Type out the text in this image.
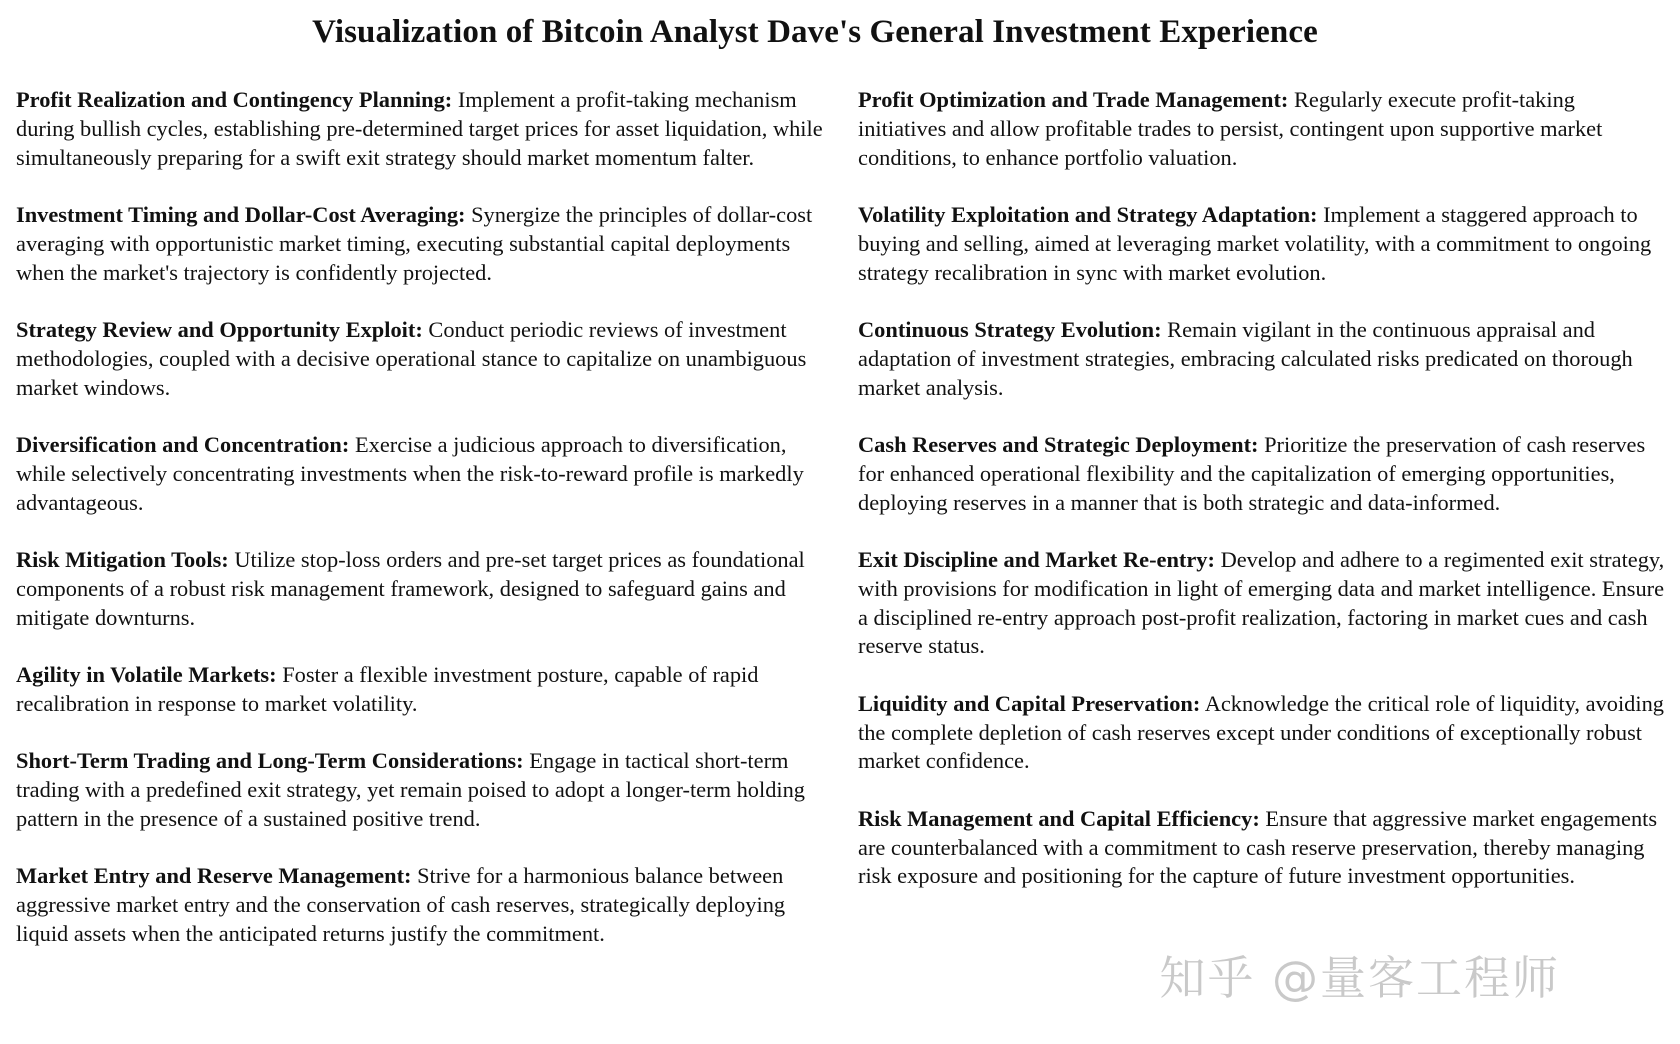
Visualization of Bitcoin Analyst Dave's General Investment Experience

Profit Realization and Contingency Planning: Implement a profit-taking mechanism during bullish cycles, establishing pre-determined target prices for asset liquidation, while simultaneously preparing for a swift exit strategy should market momentum falter.

Investment Timing and Dollar-Cost Averaging: Synergize the principles of dollar-cost averaging with opportunistic market timing, executing substantial capital deployments when the market's trajectory is confidently projected.

Strategy Review and Opportunity Exploit: Conduct periodic reviews of investment methodologies, coupled with a decisive operational stance to capitalize on unambiguous market windows.

Diversification and Concentration: Exercise a judicious approach to diversification, while selectively concentrating investments when the risk-to-reward profile is markedly advantageous.

Risk Mitigation Tools: Utilize stop-loss orders and pre-set target prices as foundational components of a robust risk management framework, designed to safeguard gains and mitigate downturns.

Agility in Volatile Markets: Foster a flexible investment posture, capable of rapid recalibration in response to market volatility.

Short-Term Trading and Long-Term Considerations: Engage in tactical short-term trading with a predefined exit strategy, yet remain poised to adopt a longer-term holding pattern in the presence of a sustained positive trend.

Market Entry and Reserve Management: Strive for a harmonious balance between aggressive market entry and the conservation of cash reserves, strategically deploying liquid assets when the anticipated returns justify the commitment.

Profit Optimization and Trade Management: Regularly execute profit-taking initiatives and allow profitable trades to persist, contingent upon supportive market conditions, to enhance portfolio valuation.

Volatility Exploitation and Strategy Adaptation: Implement a staggered approach to buying and selling, aimed at leveraging market volatility, with a commitment to ongoing strategy recalibration in sync with market evolution.

Continuous Strategy Evolution: Remain vigilant in the continuous appraisal and adaptation of investment strategies, embracing calculated risks predicated on thorough market analysis.

Cash Reserves and Strategic Deployment: Prioritize the preservation of cash reserves for enhanced operational flexibility and the capitalization of emerging opportunities, deploying reserves in a manner that is both strategic and data-informed.

Exit Discipline and Market Re-entry: Develop and adhere to a regimented exit strategy, with provisions for modification in light of emerging data and market intelligence. Ensure a disciplined re-entry approach post-profit realization, factoring in market cues and cash reserve status.

Liquidity and Capital Preservation: Acknowledge the critical role of liquidity, avoiding the complete depletion of cash reserves except under conditions of exceptionally robust market confidence.

Risk Management and Capital Efficiency: Ensure that aggressive market engagements are counterbalanced with a commitment to cash reserve preservation, thereby managing risk exposure and positioning for the capture of future investment opportunities.

知乎 @量客工程师
